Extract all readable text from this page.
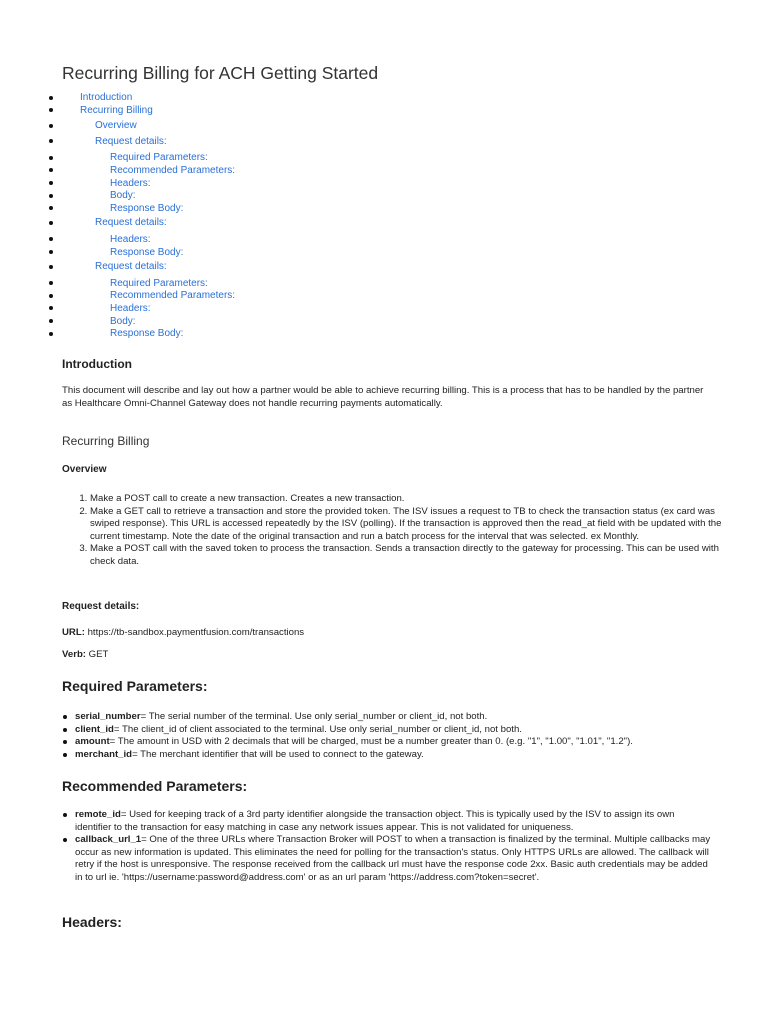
Recurring Billing for ACH Getting Started
Introduction
Recurring Billing
Overview
Request details:
Required Parameters:
Recommended Parameters:
Headers:
Body:
Response Body:
Request details:
Headers:
Response Body:
Request details:
Required Parameters:
Recommended Parameters:
Headers:
Body:
Response Body:
Introduction

This document will describe and lay out how a partner would be able to achieve recurring billing. This is a process that has to be handled by the partner as Healthcare Omni-Channel Gateway does not handle recurring payments automatically.

Recurring Billing
Overview
1. Make a POST call to create a new transaction. Creates a new transaction.
2. Make a GET call to retrieve a transaction and store the provided token. The ISV issues a request to TB to check the transaction status (ex card was swiped response). This URL is accessed repeatedly by the ISV (polling). If the transaction is approved then the read_at field with be updated with the current timestamp. Note the date of the original transaction and run a batch process for the interval that was selected. ex Monthly.
3. Make a POST call with the saved token to process the transaction. Sends a transaction directly to the gateway for processing. This can be used with check data.
Request details:

URL: https://tb-sandbox.paymentfusion.com/transactions

Verb: GET

Required Parameters:
serial_number= The serial number of the terminal. Use only serial_number or client_id, not both.
client_id= The client_id of client associated to the terminal. Use only serial_number or client_id, not both.
amount= The amount in USD with 2 decimals that will be charged, must be a number greater than 0. (e.g. "1", "1.00", "1.01", "1.2").
merchant_id= The merchant identifier that will be used to connect to the gateway.
Recommended Parameters:
remote_id= Used for keeping track of a 3rd party identifier alongside the transaction object. This is typically used by the ISV to assign its own identifier to the transaction for easy matching in case any network issues appear. This is not validated for uniqueness.
callback_url_1= One of the three URLs where Transaction Broker will POST to when a transaction is finalized by the terminal. Multiple callbacks may occur as new information is updated. This eliminates the need for polling for the transaction's status. Only HTTPS URLs are allowed. The callback will retry if the host is unresponsive. The response received from the callback url must have the response code 2xx. Basic auth credentials may be added in to url ie. 'https://username:password@address.com' or as an url param 'https://address.com?token=secret'.
Headers:
